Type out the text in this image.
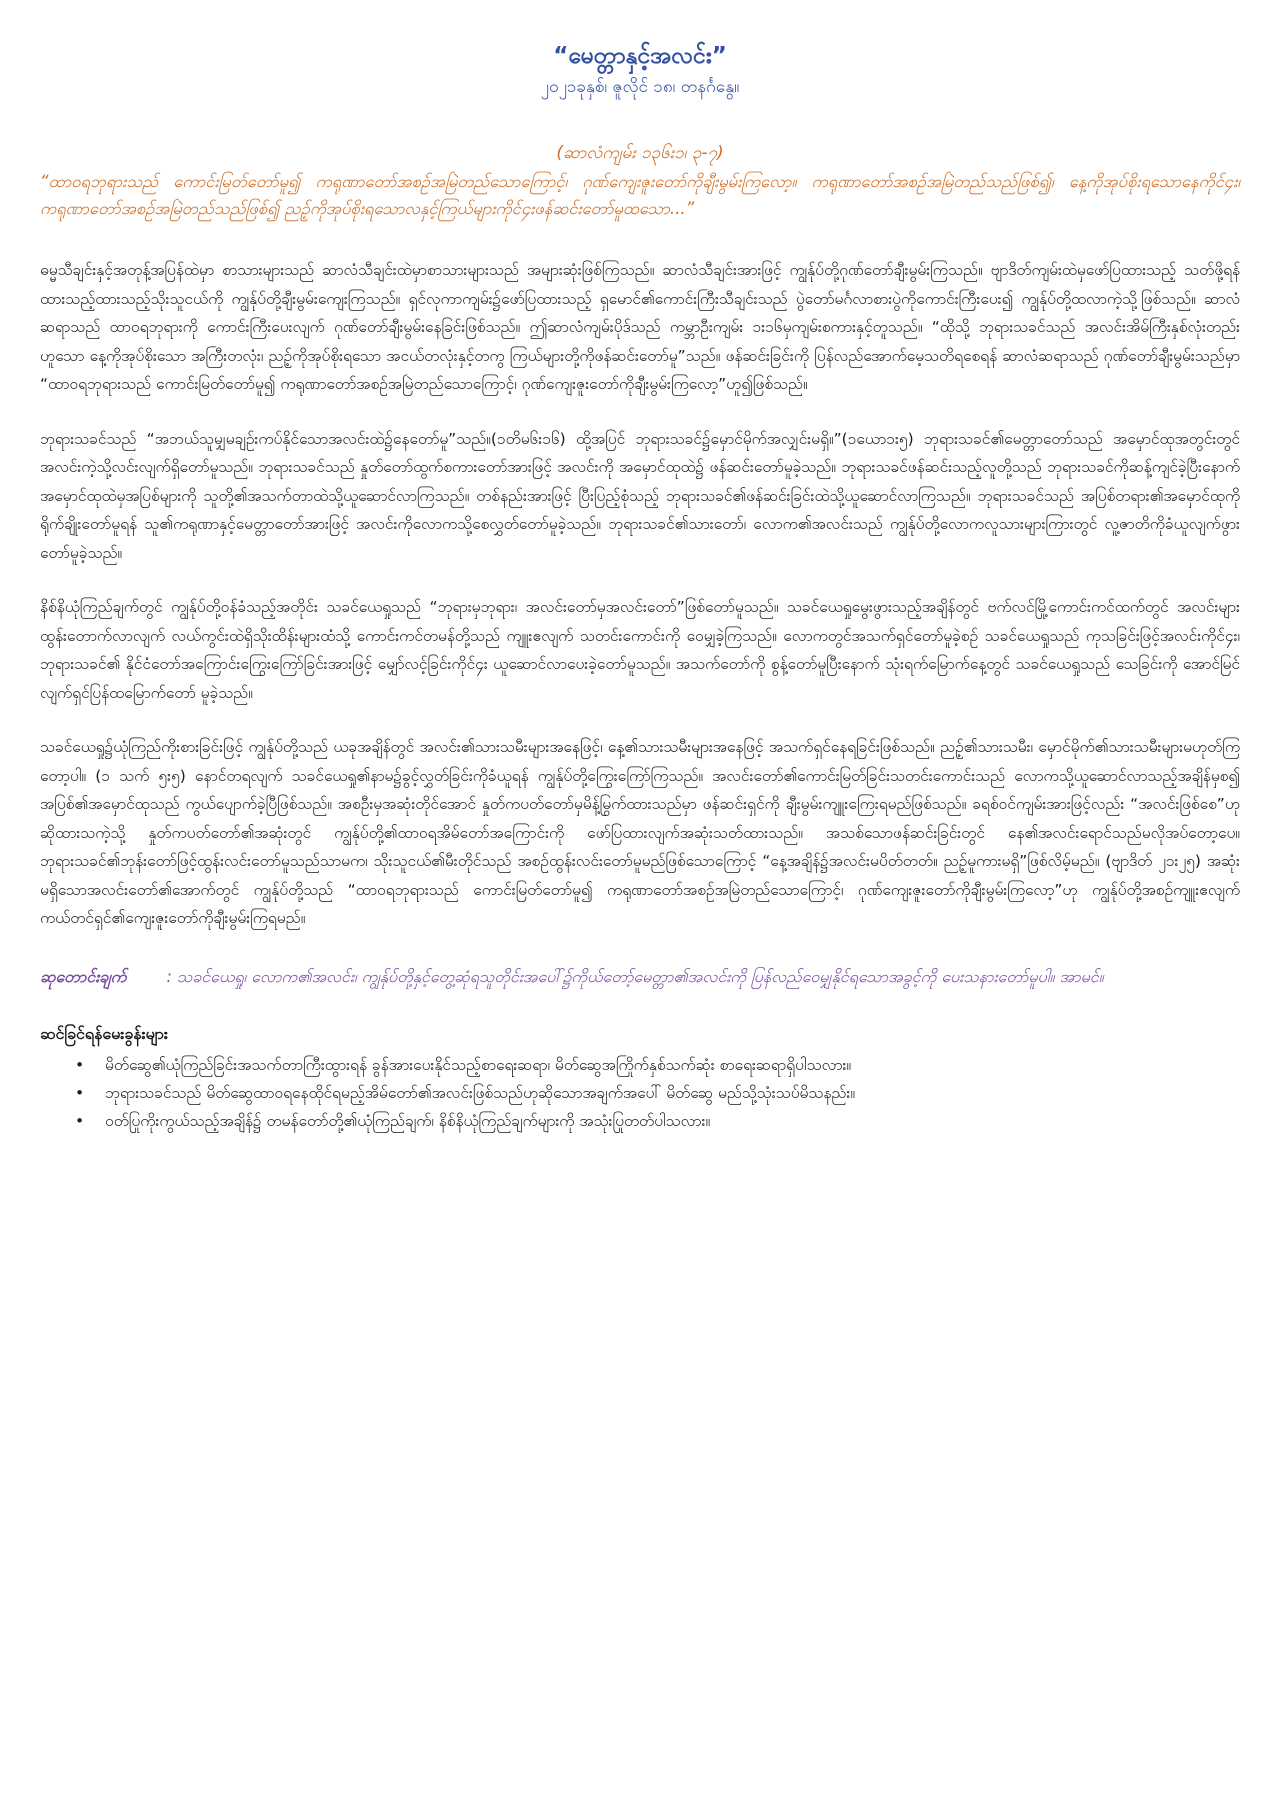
“မေတ္တာနှင့်အလင်း”
၂၀၂၁ခုနှစ်၊ ဇူလိုင် ၁၈၊ တနင်္ဂနွေ။
(ဆာလံကျမ်း ၁၃၆း၁၊ ၃-၇)
“ထာဝရဘုရားသည် ကောင်းမြတ်တော်မူ၍ ကရုဏာတော်အစဉ်အမြဲတည်သောကြောင့်၊ ဂုဏ်ကျေးဇူးတော်ကိုချီးမွမ်းကြလော့။ ကရုဏာတော်အစဉ်အမြဲတည်သည်ဖြစ်၍၊ နေ့ကိုအုပ်စိုးရသောနေကိုင်၄း၊ ကရုဏာတော်အစဉ်အမြဲတည်သည်ဖြစ်၍ ညဉ့်ကိုအုပ်စိုးရသောလနှင့်ကြယ်များကိုင်၄းဖန်ဆင်းတော်မူထသော...”

ဓမ္မသီချင်းနှင့်အတုန့်အပြန်ထဲမှာ စာသားများသည် ဆာလံသီချင်းထဲမှာစာသားများသည် အများဆုံးဖြစ်ကြသည်။ ဆာလံသီချင်းအားဖြင့် ကျွန်ုပ်တို့ဂုဏ်တော်ချီးမွမ်းကြသည်။ ဗျာဒိတ်ကျမ်းထဲမှဖော်ပြထားသည့် သတ်ဖို့ရန်ထားသည့်ထားသည့်သိုးသူငယ်ကို ကျွန်ုပ်တို့ချီးမွမ်းကျေးကြသည်။ ရှင်လုကာကျမ်း၌ဖော်ပြထားသည့် ရှမောင်၏ကောင်းကြီးသီချင်းသည် ပွဲတော်မင်္ဂလာစားပွဲကိုကောင်းကြီးပေး၍ ကျွန်ုပ်တို့ထလာကဲ့သို့ဖြစ်သည်။ ဆာလံဆရာသည် ထာဝရဘုရားကို ကောင်းကြီးပေးလျက် ဂုဏ်တော်ချီးမွမ်းနေခြင်းဖြစ်သည်။ ဤဆာလံကျမ်းပိုဒ်သည် ကမ္ဘာဦးကျမ်း ၁း၁၆မှကျမ်းစကားနှင့်တူသည်။ “ထိုသို့ ဘုရားသခင်သည် အလင်းအိမ်ကြီးနှစ်လုံးတည်းဟူသော နေ့ကိုအုပ်စိုးသော အကြီးတလုံး၊ ညဉ့်ကိုအုပ်စိုးရသော အငယ်တလုံးနှင့်တကွ ကြယ်များတို့ကိုဖန်ဆင်းတော်မူ”သည်။ ဖန်ဆင်းခြင်းကို ပြန်လည်အောက်မေ့သတိရစေရန် ဆာလံဆရာသည် ဂုဏ်တော်ချီးမွမ်းသည်မှာ “ထာဝရဘုရားသည် ကောင်းမြတ်တော်မူ၍ ကရုဏာတော်အစဉ်အမြဲတည်သောကြောင့်၊ ဂုဏ်ကျေးဇူးတော်ကိုချီးမွမ်းကြလော့”ဟူ၍ဖြစ်သည်။

ဘုရားသခင်သည် “အဘယ်သူမျှမချဉ်းကပ်နိုင်သောအလင်းထဲ၌နေတော်မူ”သည်။(၁တိမ၆း၁၆) ထို့အပြင် ဘုရားသခင်၌မှောင်မိုက်အလျှင်းမရှိ။”(၁ယော၁း၅) ဘုရားသခင်၏မေတ္တာတော်သည် အမှောင်ထုအတွင်းတွင် အလင်းကဲ့သို့လင်းလျက်ရှိတော်မူသည်။ ဘုရားသခင်သည် နှုတ်တော်ထွက်စကားတော်အားဖြင့် အလင်းကို အမှောင်ထုထဲ၌ ဖန်ဆင်းတော်မူခဲ့သည်။ ဘုရားသခင်ဖန်ဆင်းသည့်လူတို့သည် ဘုရားသခင်ကိုဆန့်ကျင်ခဲ့ပြီးနောက် အမှောင်ထုထဲမှအပြစ်များကို သူတို့၏အသက်တာထဲသို့ယူဆောင်လာကြသည်။ တစ်နည်းအားဖြင့် ပြီးပြည့်စုံသည့် ဘုရားသခင်၏ဖန်ဆင်းခြင်းထဲသို့ယူဆောင်လာကြသည်။ ဘုရားသခင်သည် အပြစ်တရား၏အမှောင်ထုကိုရိုက်ချိုးတော်မူရန် သူ၏ကရုဏာနှင့်မေတ္တာတော်အားဖြင့် အလင်းကိုလောကသို့စေလွှတ်တော်မူခဲ့သည်။ ဘုရားသခင်၏သားတော်၊ လောက၏အလင်းသည် ကျွန်ုပ်တို့လောကလူသားများကြားတွင် လူ့ဇာတိကိုခံယူလျက်ဖွားတော်မူခဲ့သည်။

နိစ်နိယုံကြည်ချက်တွင် ကျွန်ုပ်တို့ဝန်ခံသည့်အတိုင်း သခင်ယေရှုသည် “ဘုရားမှဘုရား၊ အလင်းတော်မှအလင်းတော်”ဖြစ်တော်မူသည်။ သခင်ယေရှုမွေးဖွားသည့်အချိန်တွင် ဗက်လင်မြို့ကောင်းကင်ထက်တွင် အလင်းများထွန်းတောက်လာလျက် လယ်ကွင်းထဲရှိသိုးထိန်းများထံသို့ ကောင်းကင်တမန်တို့သည် ကျူးဧလျက် သတင်းကောင်းကို ဝေမျှခဲ့ကြသည်။ လောကတွင်အသက်ရှင်တော်မူခဲ့စဉ် သခင်ယေရှုသည် ကုသခြင်းဖြင့်အလင်းကိုင်၄း၊ ဘုရားသခင်၏ နိုင်ငံတော်အကြောင်းကြွေးကြော်ခြင်းအားဖြင့် မျှော်လင့်ခြင်းကိုင်၄း ယူဆောင်လာပေးခဲ့တော်မူသည်။ အသက်တော်ကို စွန့်တော်မူပြီးနောက် သုံးရက်မြောက်နေ့တွင် သခင်ယေရှုသည် သေခြင်းကို အောင်မြင်လျက်ရှင်ပြန်ထမြောက်တော် မူခဲ့သည်။

သခင်ယေရှု၌ယုံကြည်ကိုးစားခြင်းဖြင့် ကျွန်ုပ်တို့သည် ယခုအချိန်တွင် အလင်း၏သားသမီးများအနေဖြင့်၊ နေ့၏သားသမီးများအနေဖြင့် အသက်ရှင်နေရခြင်းဖြစ်သည်။ ညဉ့်၏သားသမီး၊ မှောင်မိုက်၏သားသမီးများမဟုတ်ကြတော့ပါ။ (၁ သက် ၅း၅) နောင်တရလျက် သခင်ယေရှု၏နာမ၌ခွင့်လွှတ်ခြင်းကိုခံယူရန် ကျွန်ုပ်တို့ကြွေးကြော်ကြသည်။ အလင်းတော်၏ကောင်းမြတ်ခြင်းသတင်းကောင်းသည် လောကသို့ယူဆောင်လာသည့်အချိန်မှစ၍ အပြစ်၏အမှောင်ထုသည် ကွယ်ပျောက်ခဲ့ပြီဖြစ်သည်။ အစဦးမှအဆုံးတိုင်အောင် နှုတ်ကပတ်တော်မှမိန့်မြွက်ထားသည်မှာ ဖန်ဆင်းရှင်ကို ချီးမွမ်းကျူးကြေးရမည်ဖြစ်သည်။ ခရစ်ဝင်ကျမ်းအားဖြင့်လည်း “အလင်းဖြစ်စေ”ဟုဆိုထားသကဲ့သို့ နှုတ်ကပတ်တော်၏အဆုံးတွင် ကျွန်ုပ်တို့၏ထာဝရအိမ်တော်အကြောင်းကို ဖော်ပြထားလျက်အဆုံးသတ်ထားသည်။ အသစ်သောဖန်ဆင်းခြင်းတွင် နေ၏အလင်းရောင်သည်မလိုအပ်တော့ပေ။ ဘုရားသခင်၏ဘုန်းတော်ဖြင့်ထွန်းလင်းတော်မူသည်သာမက၊ သိုးသူငယ်၏မီးတိုင်သည် အစဉ်ထွန်းလင်းတော်မူမည်ဖြစ်သောကြောင့် “နေ့အချိန်၌အလင်းမပိတ်တတ်။ ညဉ့်မူကားမရှိ”ဖြစ်လိမ့်မည်။ (ဗျာဒိတ် ၂၁း၂၅) အဆုံးမရှိသောအလင်းတော်၏အောက်တွင် ကျွန်ုပ်တို့သည် “ထာဝရဘုရားသည် ကောင်းမြတ်တော်မူ၍ ကရုဏာတော်အစဉ်အမြဲတည်သောကြောင့်၊ ဂုဏ်ကျေးဇူးတော်ကိုချီးမွမ်းကြလော့”ဟု ကျွန်ုပ်တို့အစဉ်ကျူးဧလျက် ကယ်တင်ရှင်၏ကျေးဇူးတော်ကိုချီးမွမ်းကြရမည်။

ဆုတောင်းချက်	: သခင်ယေရှု၊ လောက၏အလင်း၊ ကျွန်ုပ်တို့နှင့်တွေ့ဆုံရသူတိုင်းအပေါ်၌ကိုယ်တော့်မေတ္တာ၏အလင်းကို ပြန်လည်ဝေမျှနိုင်ရသောအခွင့်ကို ပေးသနားတော်မူပါ။ အာမင်။
ဆင်ခြင်ရန်မေးခွန်းများ
• မိတ်ဆွေ၏ယုံကြည်ခြင်းအသက်တာကြီးထွားရန် ခွန်အားပေးနိုင်သည့်စာရေးဆရာ၊ မိတ်ဆွေအကြိုက်နှစ်သက်ဆုံး စာရေးဆရာရှိပါသလား။
• ဘုရားသခင်သည် မိတ်ဆွေထာဝရနေထိုင်ရမည့်အိမ်တော်၏အလင်းဖြစ်သည်ဟုဆိုသောအချက်အပေါ် မိတ်ဆွေ မည်သို့သုံးသပ်မိသနည်း။
• ဝတ်ပြုကိုးကွယ်သည့်အချိန်၌ တမန်တော်တို့၏ယုံကြည်ချက်၊ နိစ်နိယုံကြည်ချက်များကို အသုံးပြုတတ်ပါသလား။
